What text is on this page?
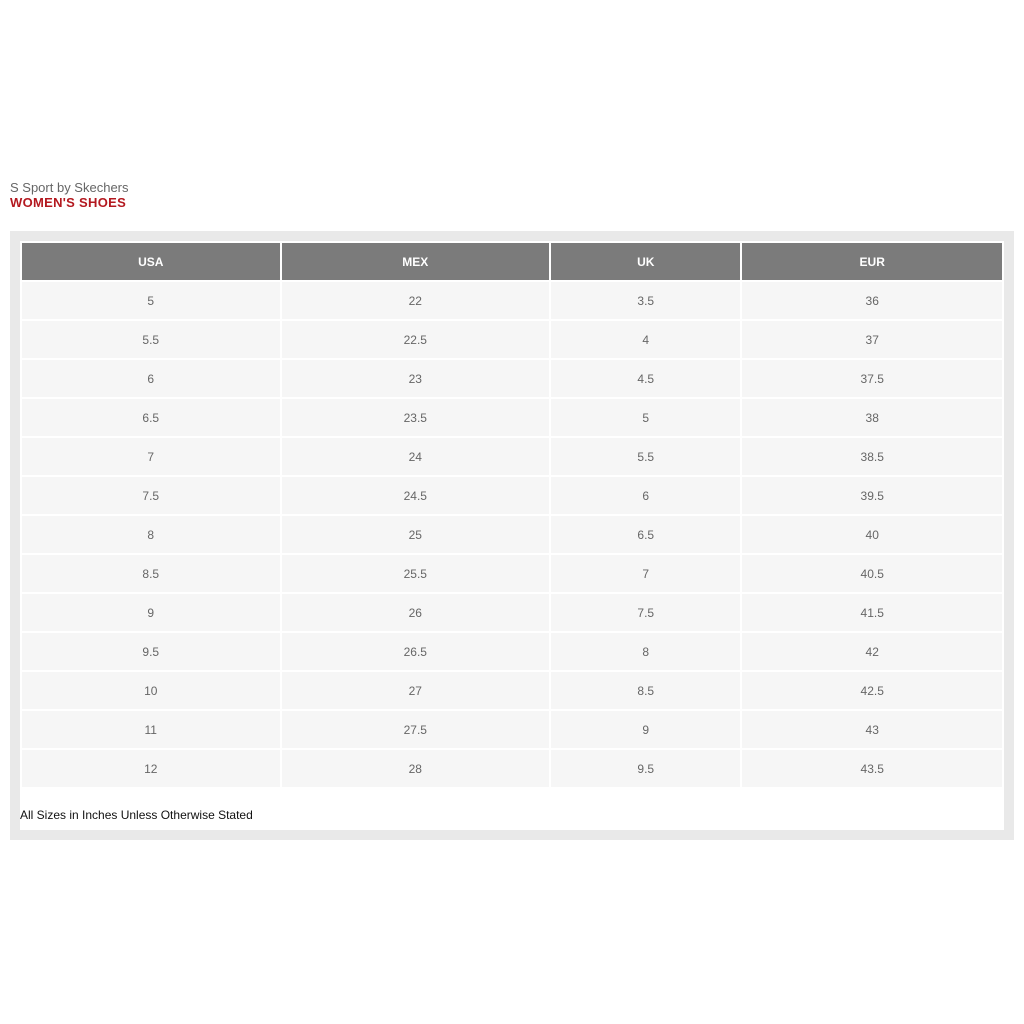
S Sport by Skechers
WOMEN'S SHOES
USA	MEX	UK	EUR
5	22	3.5	36
5.5	22.5	4	37
6	23	4.5	37.5
6.5	23.5	5	38
7	24	5.5	38.5
7.5	24.5	6	39.5
8	25	6.5	40
8.5	25.5	7	40.5
9	26	7.5	41.5
9.5	26.5	8	42
10	27	8.5	42.5
11	27.5	9	43
12	28	9.5	43.5
All Sizes in Inches Unless Otherwise Stated
